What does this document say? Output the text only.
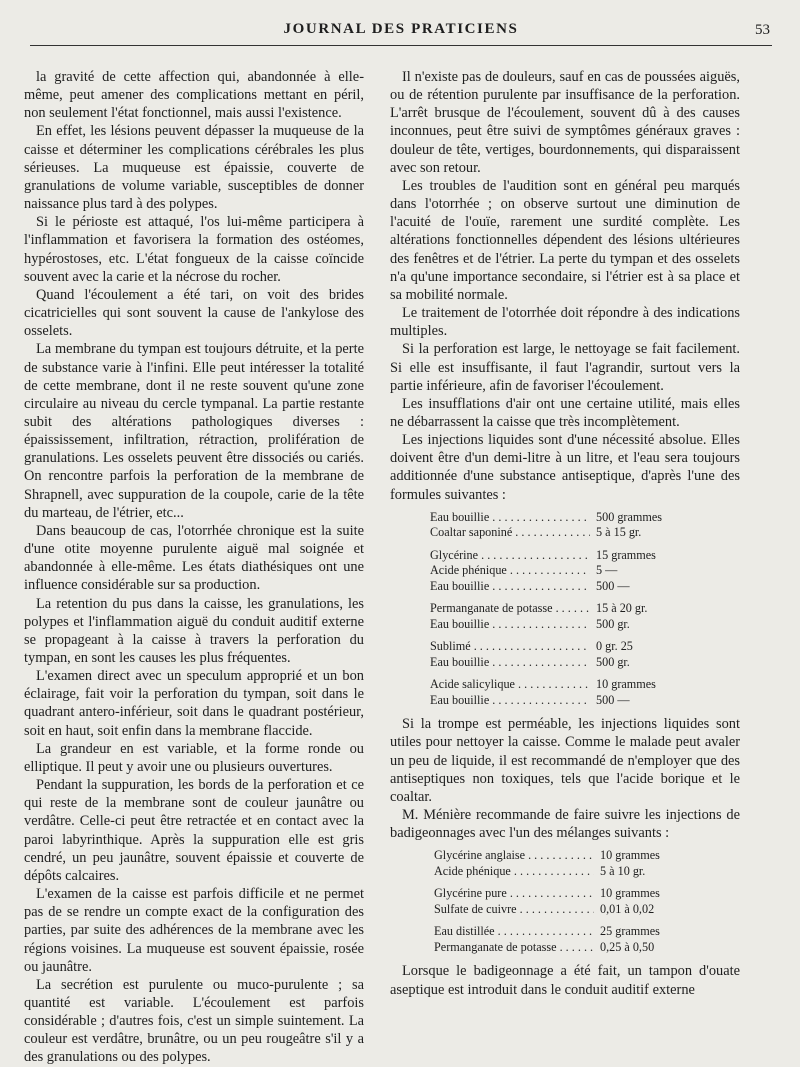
JOURNAL DES PRATICIENS	53

la gravité de cette affection qui, abandonnée à elle-même, peut amener des complications mettant en péril, non seulement l'état fonctionnel, mais aussi l'existence.

En effet, les lésions peuvent dépasser la muqueuse de la caisse et déterminer les complications cérébrales les plus sérieuses. La muqueuse est épaissie, couverte de granulations de volume variable, susceptibles de donner naissance plus tard à des polypes.

Si le périoste est attaqué, l'os lui-même participera à l'inflammation et favorisera la formation des ostéomes, hypérostoses, etc. L'état fongueux de la caisse coïncide souvent avec la carie et la nécrose du rocher.

Quand l'écoulement a été tari, on voit des brides cicatricielles qui sont souvent la cause de l'ankylose des osselets.

La membrane du tympan est toujours détruite, et la perte de substance varie à l'infini. Elle peut intéresser la totalité de cette membrane, dont il ne reste souvent qu'une zone circulaire au niveau du cercle tympanal. La partie restante subit des altérations pathologiques diverses : épaississement, infiltration, rétraction, prolifération de granulations. Les osselets peuvent être dissociés ou cariés. On rencontre parfois la perforation de la membrane de Shrapnell, avec suppuration de la coupole, carie de la tête du marteau, de l'étrier, etc...

Dans beaucoup de cas, l'otorrhée chronique est la suite d'une otite moyenne purulente aiguë mal soignée et abandonnée à elle-même. Les états diathésiques ont une influence considérable sur sa production.

La retention du pus dans la caisse, les granulations, les polypes et l'inflammation aiguë du conduit auditif externe se propageant à la caisse à travers la perforation du tympan, en sont les causes les plus fréquentes.

L'examen direct avec un speculum approprié et un bon éclairage, fait voir la perforation du tympan, soit dans le quadrant antero-inférieur, soit dans le quadrant postérieur, soit en haut, soit enfin dans la membrane flaccide.

La grandeur en est variable, et la forme ronde ou elliptique. Il peut y avoir une ou plusieurs ouvertures.

Pendant la suppuration, les bords de la perforation et ce qui reste de la membrane sont de couleur jaunâtre ou verdâtre. Celle-ci peut être retractée et en contact avec la paroi labyrinthique. Après la suppuration elle est gris cendré, un peu jaunâtre, souvent épaissie et couverte de dépôts calcaires.

L'examen de la caisse est parfois difficile et ne permet pas de se rendre un compte exact de la configuration des parties, par suite des adhérences de la membrane avec les régions voisines. La muqueuse est souvent épaissie, rosée ou jaunâtre.

La secrétion est purulente ou muco-purulente ; sa quantité est variable. L'écoulement est parfois considérable ; d'autres fois, c'est un simple suintement. La couleur est verdâtre, brunâtre, ou un peu rougeâtre s'il y a des granulations ou des polypes.

Il n'existe pas de douleurs, sauf en cas de poussées aiguës, ou de rétention purulente par insuffisance de la perforation. L'arrêt brusque de l'écoulement, souvent dû à des causes inconnues, peut être suivi de symptômes généraux graves : douleur de tête, vertiges, bourdonnements, qui disparaissent avec son retour.

Les troubles de l'audition sont en général peu marqués dans l'otorrhée ; on observe surtout une diminution de l'acuité de l'ouïe, rarement une surdité complète. Les altérations fonctionnelles dépendent des lésions ultérieures des fenêtres et de l'étrier. La perte du tympan et des osselets n'a qu'une importance secondaire, si l'étrier est à sa place et sa mobilité normale.

Le traitement de l'otorrhée doit répondre à des indications multiples.

Si la perforation est large, le nettoyage se fait facilement. Si elle est insuffisante, il faut l'agrandir, surtout vers la partie inférieure, afin de favoriser l'écoulement.

Les insufflations d'air ont une certaine utilité, mais elles ne débarrassent la caisse que très incomplètement.

Les injections liquides sont d'une nécessité absolue. Elles doivent être d'un demi-litre à un litre, et l'eau sera toujours additionnée d'une substance antiseptique, d'après l'une des formules suivantes :

Eau bouillie . . .	500 grammes
Coaltar saponiné . . .	5 à 15 gr.
Glycérine . . .	15 grammes
Acide phénique . . .	5 —
Eau bouillie . . .	500 —
Permanganate de potasse . . .	15 à 20 gr.
Eau bouillie . . .	500 gr.
Sublimé . . .	0 gr. 25
Eau bouillie . . .	500 gr.
Acide salicylique . . .	10 grammes
Eau bouillie . . .	500 —

Si la trompe est perméable, les injections liquides sont utiles pour nettoyer la caisse. Comme le malade peut avaler un peu de liquide, il est recommandé de n'employer que des antiseptiques non toxiques, tels que l'acide borique et le coaltar.

M. Ménière recommande de faire suivre les injections de badigeonnages avec l'un des mélanges suivants :

Glycérine anglaise . . .	10 grammes
Acide phénique . . .	5 à 10 gr.
Glycérine pure . . .	10 grammes
Sulfate de cuivre . . .	0,01 à 0,02
Eau distillée . . .	25 grammes
Permanganate de potasse . . .	0,25 à 0,50

Lorsque le badigeonnage a été fait, un tampon d'ouate aseptique est introduit dans le conduit auditif externe
